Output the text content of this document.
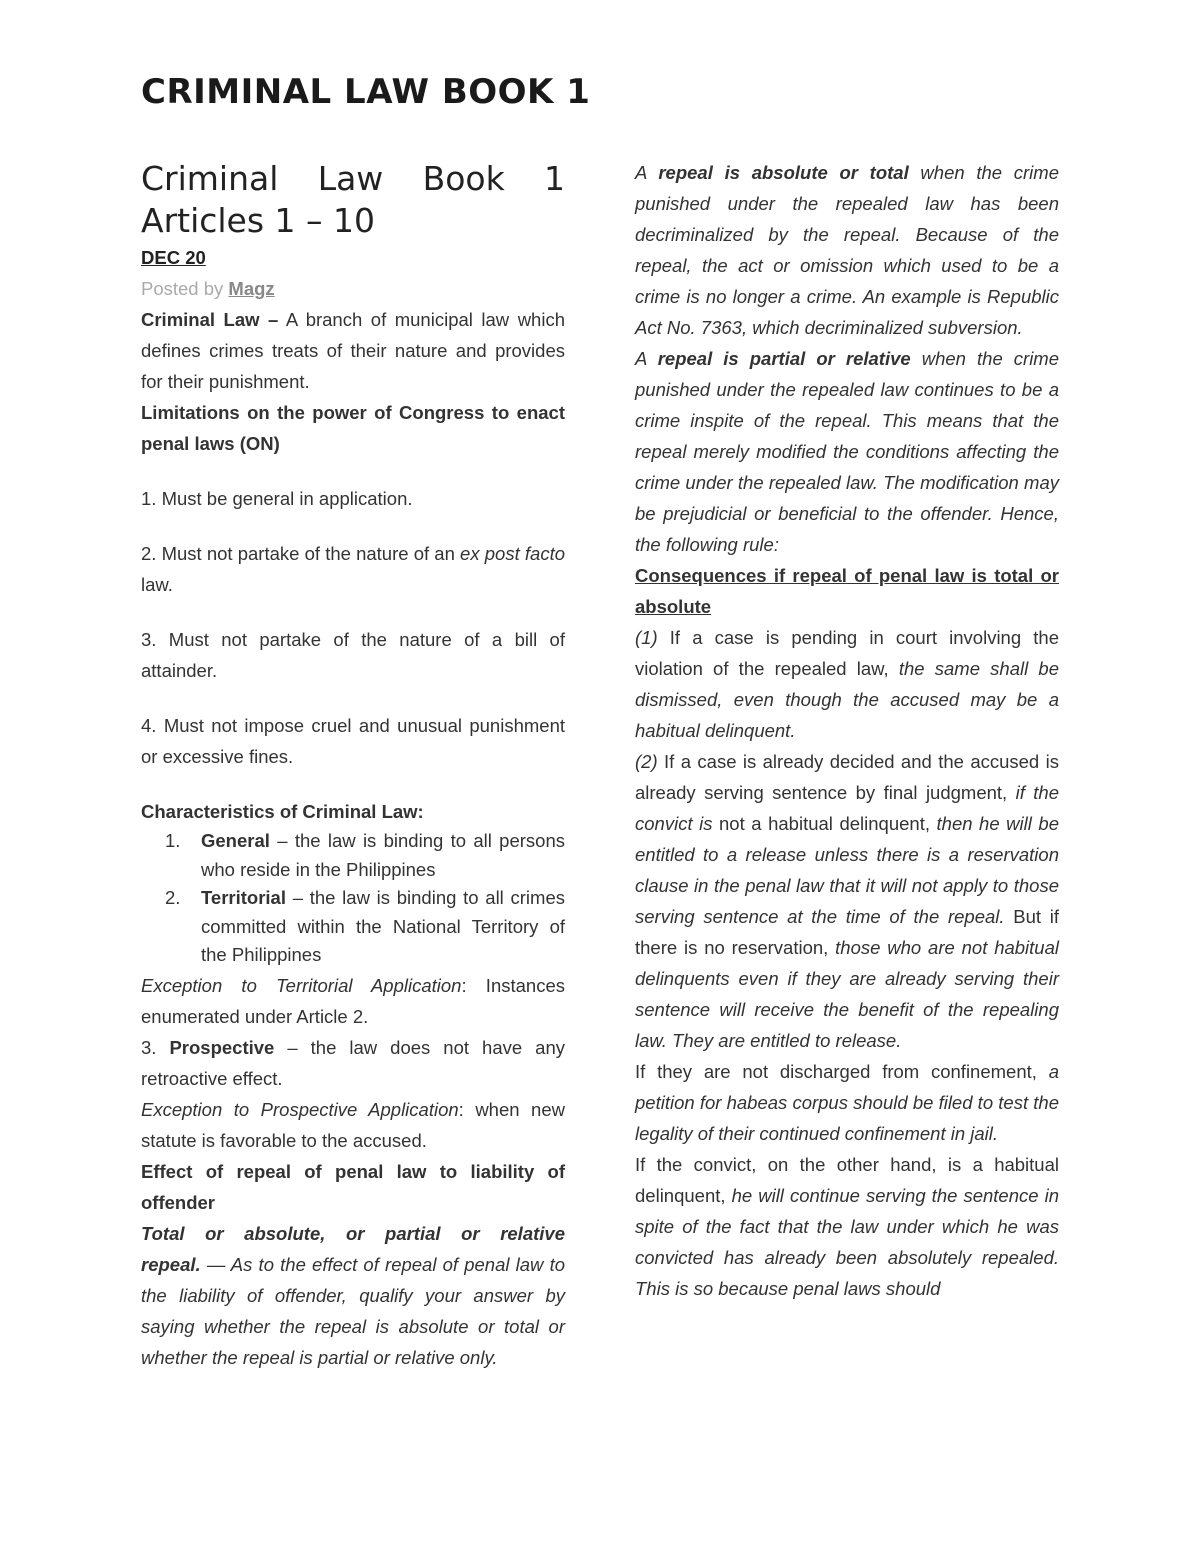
CRIMINAL LAW BOOK 1
Criminal Law Book 1
Articles 1 – 10

DEC 20

Posted by Magz

Criminal Law – A branch of municipal law which defines crimes treats of their nature and provides for their punishment.

Limitations on the power of Congress to enact penal laws (ON)

1. Must be general in application.

2. Must not partake of the nature of an ex post facto law.

3. Must not partake of the nature of a bill of attainder.

4. Must not impose cruel and unusual punishment or excessive fines.

Characteristics of Criminal Law:

1. General – the law is binding to all persons who reside in the Philippines
2. Territorial – the law is binding to all crimes committed within the National Territory of the Philippines

Exception to Territorial Application: Instances enumerated under Article 2.

3. Prospective – the law does not have any retroactive effect.

Exception to Prospective Application: when new statute is favorable to the accused.

Effect of repeal of penal law to liability of offender

Total or absolute, or partial or relative repeal. — As to the effect of repeal of penal law to the liability of offender, qualify your answer by saying whether the repeal is absolute or total or whether the repeal is partial or relative only.

A repeal is absolute or total when the crime punished under the repealed law has been decriminalized by the repeal. Because of the repeal, the act or omission which used to be a crime is no longer a crime. An example is Republic Act No. 7363, which decriminalized subversion.

A repeal is partial or relative when the crime punished under the repealed law continues to be a crime inspite of the repeal. This means that the repeal merely modified the conditions affecting the crime under the repealed law. The modification may be prejudicial or beneficial to the offender. Hence, the following rule:

Consequences if repeal of penal law is total or absolute

(1) If a case is pending in court involving the violation of the repealed law, the same shall be dismissed, even though the accused may be a habitual delinquent.

(2) If a case is already decided and the accused is already serving sentence by final judgment, if the convict is not a habitual delinquent, then he will be entitled to a release unless there is a reservation clause in the penal law that it will not apply to those serving sentence at the time of the repeal. But if there is no reservation, those who are not habitual delinquents even if they are already serving their sentence will receive the benefit of the repealing law. They are entitled to release.

If they are not discharged from confinement, a petition for habeas corpus should be filed to test the legality of their continued confinement in jail.

If the convict, on the other hand, is a habitual delinquent, he will continue serving the sentence in spite of the fact that the law under which he was convicted has already been absolutely repealed. This is so because penal laws should
